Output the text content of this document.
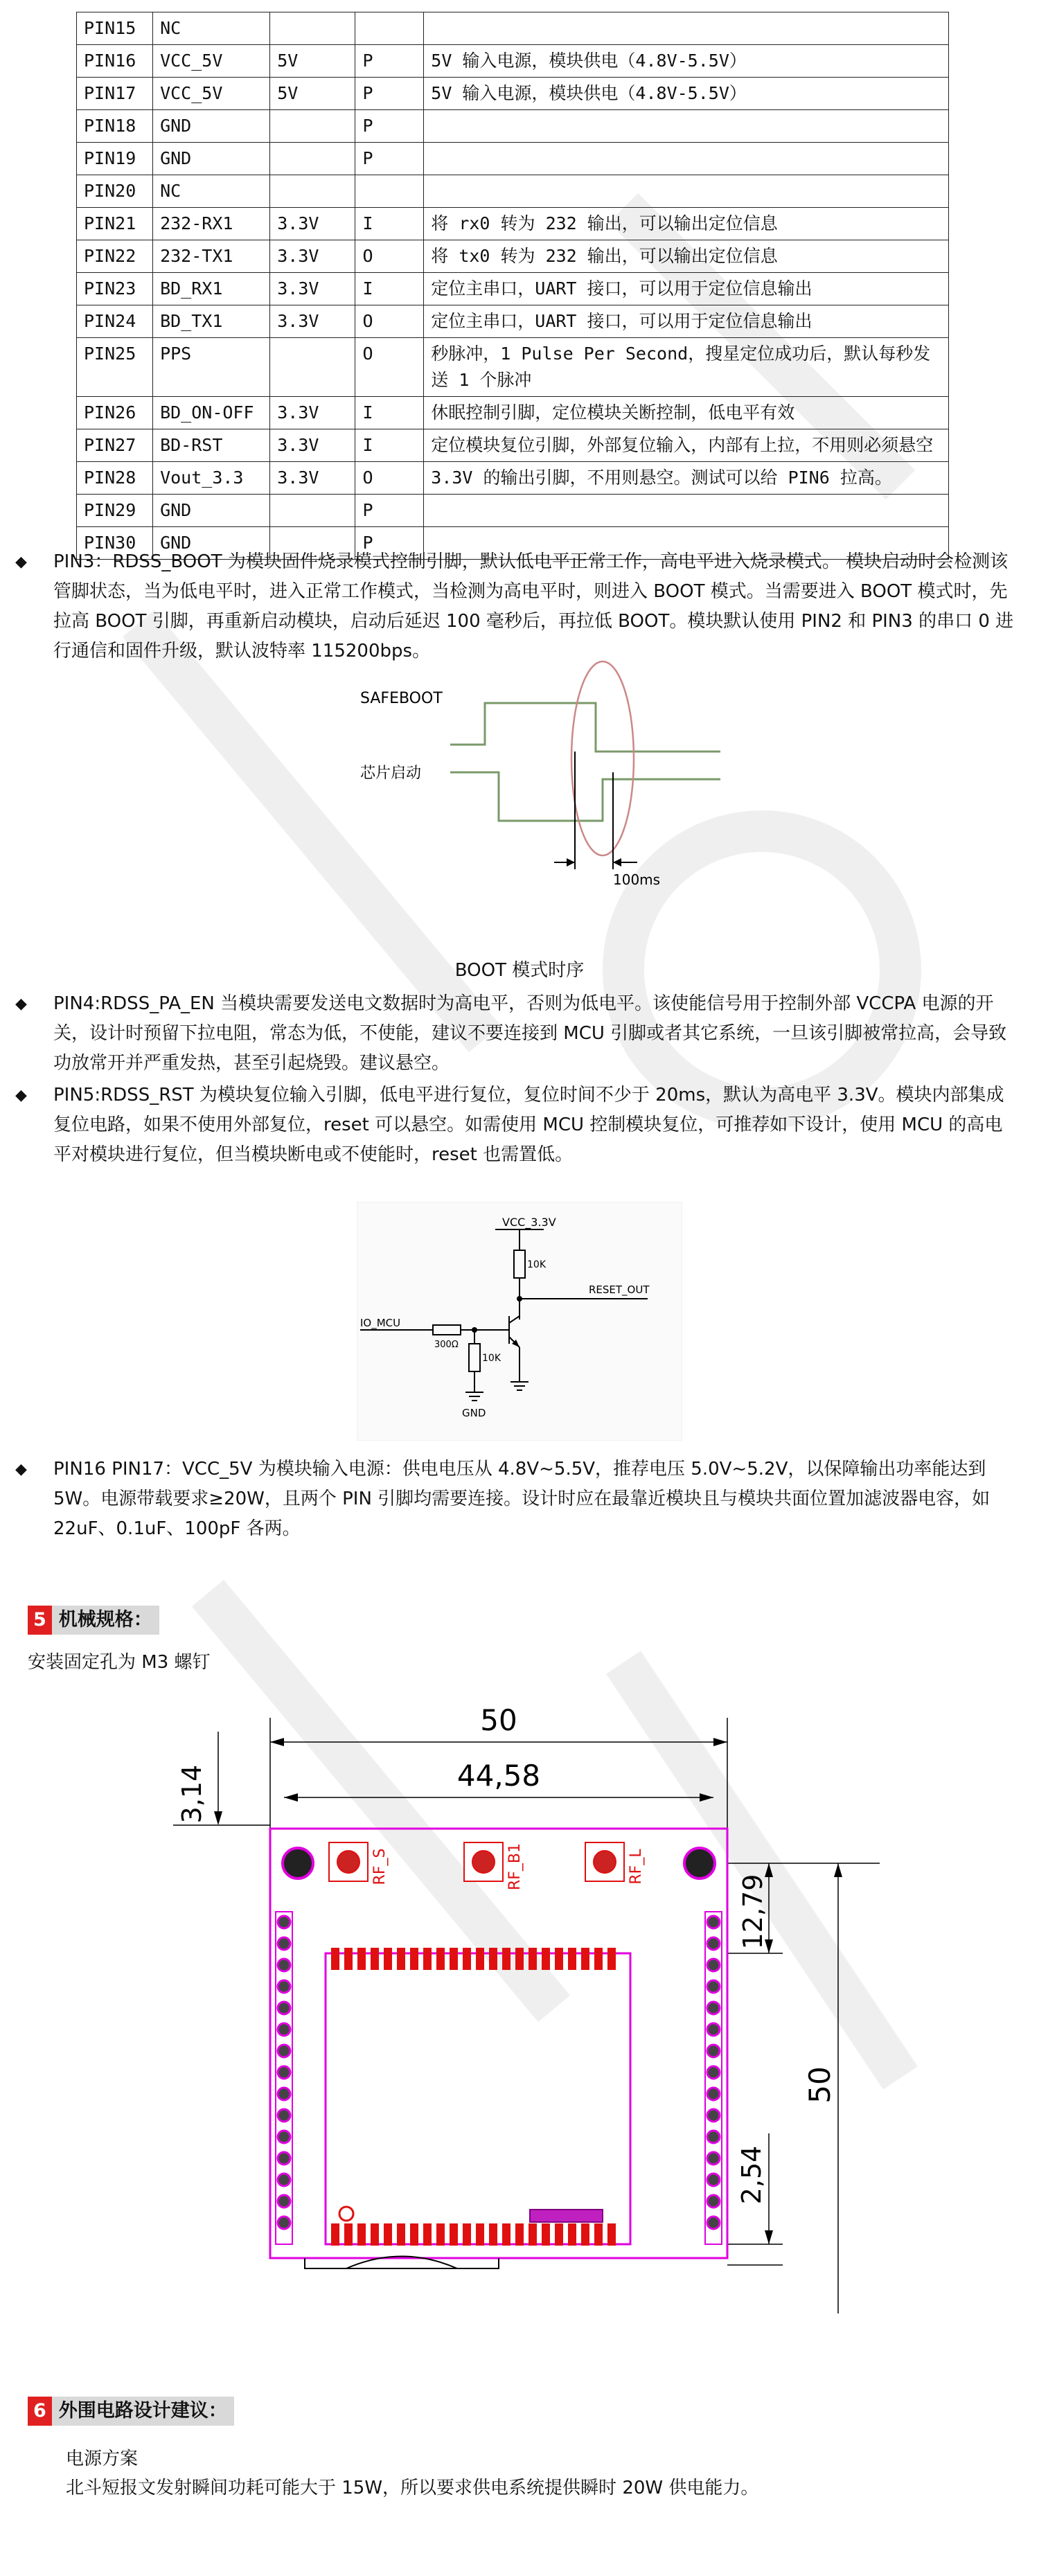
PIN15	NC			
PIN16	VCC_5V	5V	P	5V 输入电源，模块供电（4.8V-5.5V）
PIN17	VCC_5V	5V	P	5V 输入电源，模块供电（4.8V-5.5V）
PIN18	GND		P	
PIN19	GND		P	
PIN20	NC			
PIN21	232-RX1	3.3V	I	将 rx0 转为 232 输出，可以输出定位信息
PIN22	232-TX1	3.3V	O	将 tx0 转为 232 输出，可以输出定位信息
PIN23	BD_RX1	3.3V	I	定位主串口，UART 接口，可以用于定位信息输出
PIN24	BD_TX1	3.3V	O	定位主串口，UART 接口，可以用于定位信息输出
PIN25	PPS		O	秒脉冲，1 Pulse Per Second，搜星定位成功后，默认每秒发送 1 个脉冲
PIN26	BD_ON-OFF	3.3V	I	休眠控制引脚，定位模块关断控制，低电平有效
PIN27	BD-RST	3.3V	I	定位模块复位引脚，外部复位输入，内部有上拉，不用则必须悬空
PIN28	Vout_3.3	3.3V	O	3.3V 的输出引脚，不用则悬空。测试可以给 PIN6 拉高。
PIN29	GND		P	
PIN30	GND		P	
◆ PIN3：RDSS_BOOT 为模块固件烧录模式控制引脚，默认低电平正常工作，高电平进入烧录模式。 模块启动时会检测该管脚状态，当为低电平时，进入正常工作模式，当检测为高电平时，则进入 BOOT 模式。当需要进入 BOOT 模式时，先拉高 BOOT 引脚，再重新启动模块，启动后延迟 100 毫秒后，再拉低 BOOT。模块默认使用 PIN2 和 PIN3 的串口 0 进行通信和固件升级，默认波特率 115200bps。
SAFEBOOT
芯片启动
100ms
BOOT 模式时序
◆ PIN4:RDSS_PA_EN 当模块需要发送电文数据时为高电平，否则为低电平。该使能信号用于控制外部 VCCPA 电源的开关，设计时预留下拉电阻，常态为低，不使能，建议不要连接到 MCU 引脚或者其它系统，一旦该引脚被常拉高，会导致功放常开并严重发热，甚至引起烧毁。建议悬空。
◆ PIN5:RDSS_RST 为模块复位输入引脚，低电平进行复位，复位时间不少于 20ms，默认为高电平 3.3V。模块内部集成复位电路，如果不使用外部复位，reset 可以悬空。如需使用 MCU 控制模块复位，可推荐如下设计，使用 MCU 的高电平对模块进行复位，但当模块断电或不使能时，reset 也需置低。
VCC_3.3V
10K
RESET_OUT
IO_MCU
300Ω
10K
GND
◆ PIN16 PIN17：VCC_5V 为模块输入电源：供电电压从 4.8V~5.5V，推荐电压 5.0V~5.2V，以保障输出功率能达到 5W。电源带载要求≥20W，且两个 PIN 引脚均需要连接。设计时应在最靠近模块且与模块共面位置加滤波器电容，如 22uF、0.1uF、100pF 各两。
5 机械规格：
安装固定孔为 M3 螺钉
50
44,58
3,14
12,79
50
2,54
RF_S	RF_B1	RF_L
6 外围电路设计建议：
电源方案
北斗短报文发射瞬间功耗可能大于 15W，所以要求供电系统提供瞬时 20W 供电能力。
